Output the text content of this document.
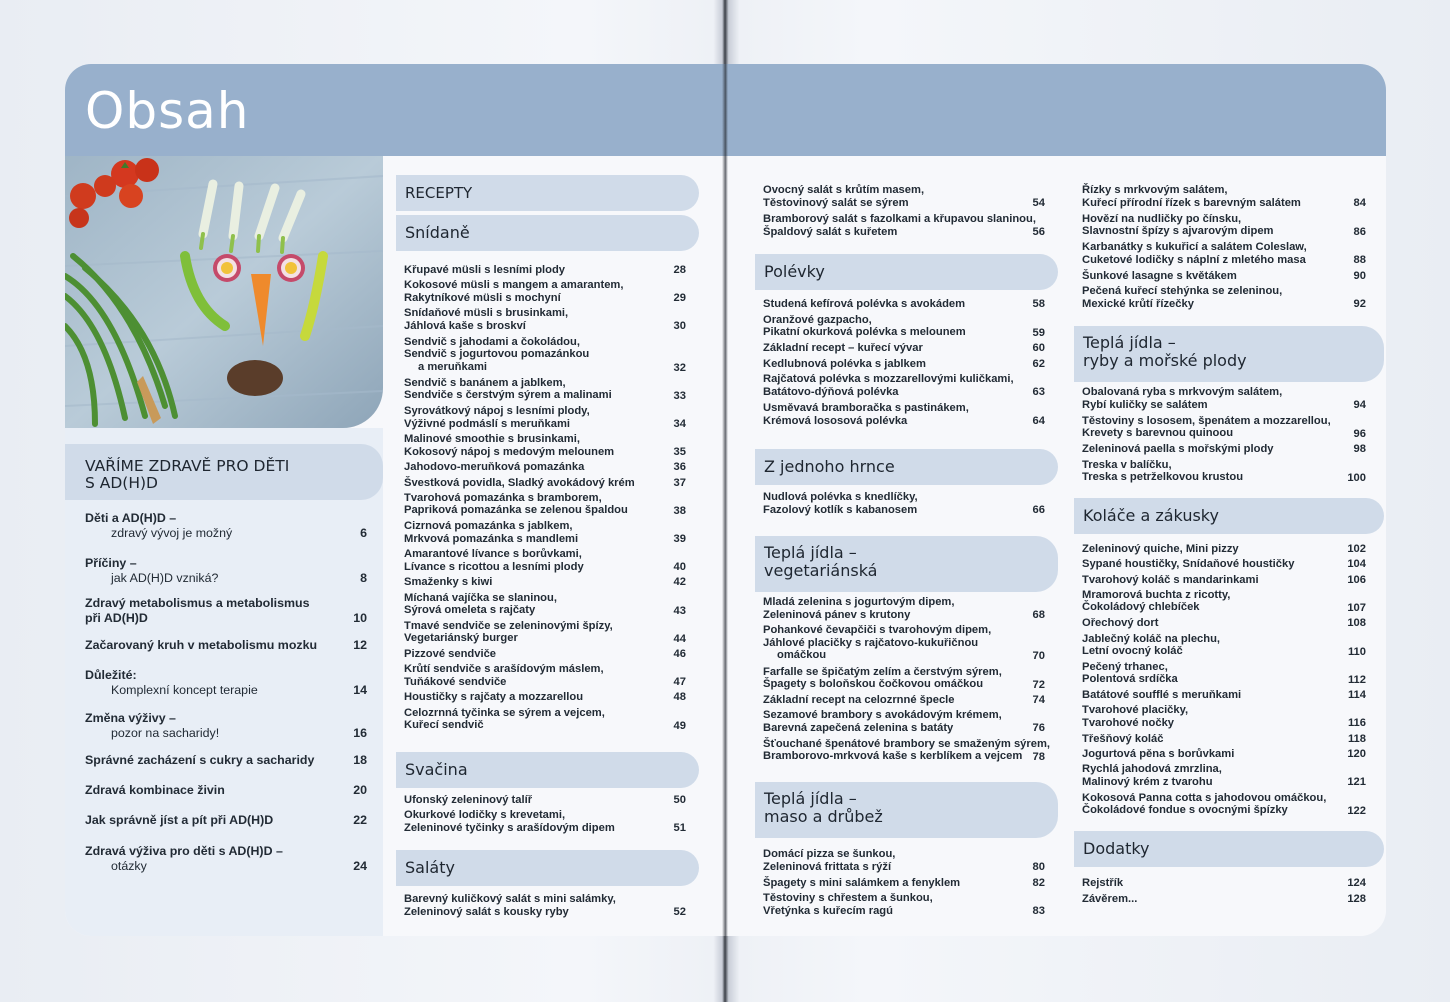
Obsah
VAŘÍME ZDRAVĚ PRO DĚTI
S AD(H)D
Děti a AD(H)D –
zdravý vývoj je možný	6
Příčiny –
jak AD(H)D vzniká?	8
Zdravý metabolismus a metabolismus
při AD(H)D	10
Začarovaný kruh v metabolismu mozku	12
Důležité:
Komplexní koncept terapie	14
Změna výživy –
pozor na sacharidy!	16
Správné zacházení s cukry a sacharidy	18
Zdravá kombinace živin	20
Jak správně jíst a pít při AD(H)D	22
Zdravá výživa pro děti s AD(H)D –
otázky	24
RECEPTY
Snídaně
Křupavé müsli s lesními plody	28
Kokosové müsli s mangem a amarantem,
Rakytníkové müsli s mochyní	29
Snídaňové müsli s brusinkami,
Jáhlová kaše s broskví	30
Sendvič s jahodami a čokoládou,
Sendvič s jogurtovou pomazánkou
a meruňkami	32
Sendvič s banánem a jablkem,
Sendviče s čerstvým sýrem a malinami	33
Syrovátkový nápoj s lesními plody,
Výživné podmáslí s meruňkami	34
Malinové smoothie s brusinkami,
Kokosový nápoj s medovým melounem	35
Jahodovo-meruňková pomazánka	36
Švestková povidla, Sladký avokádový krém	37
Tvarohová pomazánka s bramborem,
Papriková pomazánka se zelenou špaldou	38
Cizrnová pomazánka s jablkem,
Mrkvová pomazánka s mandlemi	39
Amarantové lívance s borůvkami,
Lívance s ricottou a lesními plody	40
Smaženky s kiwi	42
Míchaná vajíčka se slaninou,
Sýrová omeleta s rajčaty	43
Tmavé sendviče se zeleninovými špízy,
Vegetariánský burger	44
Pizzové sendviče	46
Krůtí sendviče s arašídovým máslem,
Tuňákové sendviče	47
Houstičky s rajčaty a mozzarellou	48
Celozrnná tyčinka se sýrem a vejcem,
Kuřecí sendvič	49
Svačina
Ufonský zeleninový talíř	50
Okurkové lodičky s krevetami,
Zeleninové tyčinky s arašídovým dipem	51
Saláty
Barevný kuličkový salát s mini salámky,
Zeleninový salát s kousky ryby	52
Ovocný salát s krůtím masem,
Těstovinový salát se sýrem	54
Bramborový salát s fazolkami a křupavou slaninou,
Špaldový salát s kuřetem	56
Polévky
Studená kefírová polévka s avokádem	58
Oranžové gazpacho,
Pikatní okurková polévka s melounem	59
Základní recept – kuřecí vývar	60
Kedlubnová polévka s jablkem	62
Rajčatová polévka s mozzarellovými kuličkami,
Batátovo-dýňová polévka	63
Usměvavá bramboračka s pastinákem,
Krémová lososová polévka	64
Z jednoho hrnce
Nudlová polévka s knedlíčky,
Fazolový kotlík s kabanosem	66
Teplá jídla –
vegetariánská
Mladá zelenina s jogurtovým dipem,
Zeleninová pánev s krutony	68
Pohankové čevapčiči s tvarohovým dipem,
Jáhlové placičky s rajčatovo-kukuřičnou
omáčkou	70
Farfalle se špičatým zelím a čerstvým sýrem,
Špagety s boloňskou čočkovou omáčkou	72
Základní recept na celozrnné špecle	74
Sezamové brambory s avokádovým krémem,
Barevná zapečená zelenina s batáty	76
Šťouchané špenátové brambory se smaženým sýrem,
Bramborovo-mrkvová kaše s kerblíkem a vejcem 78
Teplá jídla –
maso a drůbež
Domácí pizza se šunkou,
Zeleninová frittata s rýží	80
Špagety s mini salámkem a fenyklem	82
Těstoviny s chřestem a šunkou,
Vřetýnka s kuřecím ragú	83
Řízky s mrkvovým salátem,
Kuřecí přírodní řízek s barevným salátem	84
Hovězí na nudličky po čínsku,
Slavnostní špízy s ajvarovým dipem	86
Karbanátky s kukuřicí a salátem Coleslaw,
Cuketové lodičky s náplní z mletého masa	88
Šunkové lasagne s květákem	90
Pečená kuřecí stehýnka se zeleninou,
Mexické krůtí řízečky	92
Teplá jídla –
ryby a mořské plody
Obalovaná ryba s mrkvovým salátem,
Rybí kuličky se salátem	94
Těstoviny s lososem, špenátem a mozzarellou,
Krevety s barevnou quinoou	96
Zeleninová paella s mořskými plody	98
Treska v balíčku,
Treska s petrželkovou krustou	100
Koláče a zákusky
Zeleninový quiche, Mini pizzy	102
Sypané houstičky, Snídaňové houstičky	104
Tvarohový koláč s mandarinkami	106
Mramorová buchta z ricotty,
Čokoládový chlebíček	107
Ořechový dort	108
Jablečný koláč na plechu,
Letní ovocný koláč	110
Pečený trhanec,
Polentová srdíčka	112
Batátové soufflé s meruňkami	114
Tvarohové placičky,
Tvarohové nočky	116
Třešňový koláč	118
Jogurtová pěna s borůvkami	120
Rychlá jahodová zmrzlina,
Malinový krém z tvarohu	121
Kokosová Panna cotta s jahodovou omáčkou,
Čokoládové fondue s ovocnými špízky	122
Dodatky
Rejstřík	124
Závěrem...	128
